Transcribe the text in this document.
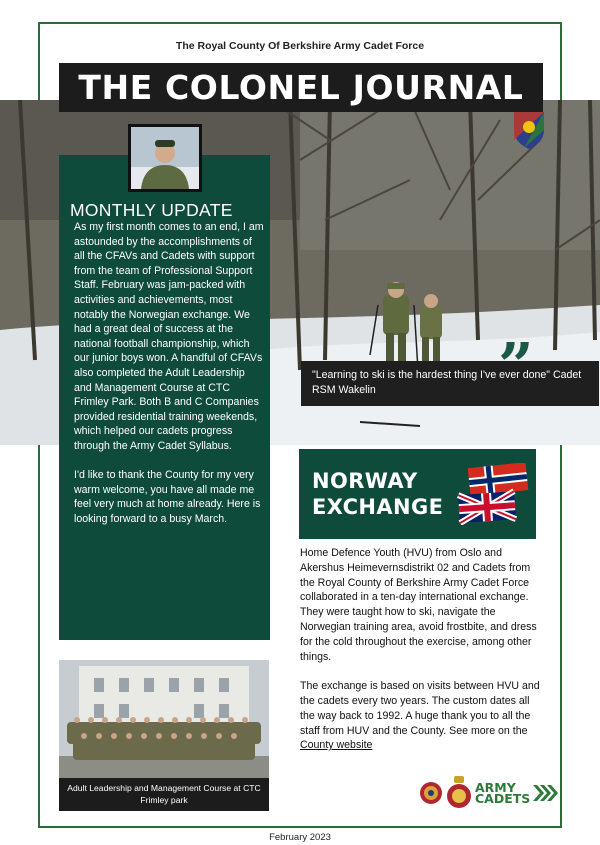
The Royal County Of Berkshire Army Cadet Force
THE COLONEL JOURNAL
MONTHLY UPDATE

As my first month comes to an end, I am astounded by the accomplishments of all the CFAVs and Cadets with support from the team of Professional Support Staff. February was jam-packed with activities and achievements, most notably the Norwegian exchange. We had a great deal of success at the national football championship, which our junior boys won. A handful of CFAVs also completed the Adult Leadership and Management Course at CTC Frimley Park. Both B and C Companies provided residential training weekends, which helped our cadets progress through the Army Cadet Syllabus.

I'd like to thank the County for my very warm welcome, you have all made me feel very much at home already. Here is looking forward to a busy March.

Adult Leadership and Management Course at CTC Frimley park
”
"Learning to ski is the hardest thing I've ever done" Cadet RSM Wakelin
NORWAY
EXCHANGE

Home Defence Youth (HVU) from Oslo and Akershus Heimevernsdistrikt 02 and Cadets from the Royal County of Berkshire Army Cadet Force collaborated in a ten-day international exchange. They were taught how to ski, navigate the Norwegian training area, avoid frostbite, and dress for the cold throughout the exercise, among other things.

The exchange is based on visits between HVU and the cadets every two years. The custom dates all the way back to 1992. A huge thank you to all the staff from HUV and the County. See more on the County website

ARMY
CADETS
February 2023
